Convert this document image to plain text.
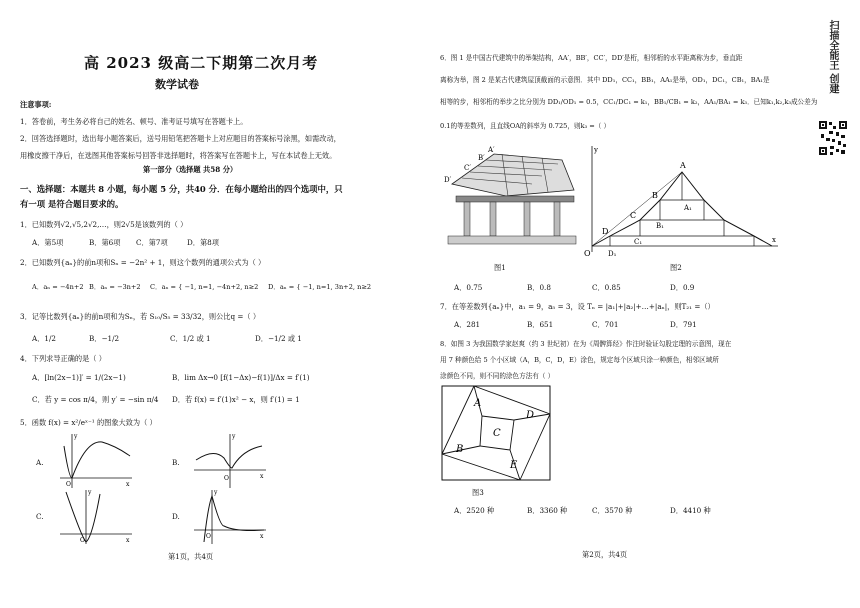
高 2023 级高二下期第二次月考
数学试卷
注意事项:
1．答卷前，考生务必将自己的姓名、顿号、准考证号填写在答题卡上。
2．回答选择题时，选出每小题答案后，送号用铅笔把答题卡上对应题目的答案标号涂黑，如需改动，
用橡皮擦干净后，在选图其他答案标号回答非选择题时，将答案写在答题卡上，写在本试卷上无效。
第一部分（选择题 共58 分）
一、选择题：本题共 8 小题，每小题 5 分，共40 分．在每小题给出的四个选项中，只
有一项 是符合题目要求的。
1．已知数列√2,√5,2√2,…，则2√5是该数列的（ ）
A．第5项	B．第6项 C．第7项	D．第8项
2．已知数列{aₙ}的前n项和Sₙ = −2n² + 1，则这个数列的通项公式为（ ）
A．aₙ = −4n+2 B．aₙ = −3n+2 C．aₙ = { −1, n=1, −4n+2, n≥2 D．aₙ = { −1, n=1, 3n+2, n≥2
3．记等比数列{aₙ}的前n项和为Sₙ，若 S₁₀/S₅ = 33/32，则公比q =（ ）
A．1/2	B．−1/2	C．1/2 或 1	D．−1/2 或 1
4．下列求导正确的是（ ）
A．[ln(2x−1)]′ = 1/(2x−1)	B．lim Δx→0 [f(1−Δx)−f(1)]/Δx = f′(1)
C．若 y = cos π/4，则 y′ = −sin π/4 D．若 f(x) = f′(1)x² − x，则 f′(1) = 1
5．函数 f(x) = x²/eˣ⁻¹ 的图象大致为（ ）
A.
O
y
x
B.
O
y
x
C.
O
y
x
D.
O
y
x
第1页，共4页
6．图 1 是中国古代建筑中的举架结构，AA′，BB′，CC′，DD′是桁，相邻桁的水平距离称为步，垂直距
离称为举，图 2 是某古代建筑屋顶截面的示意图．其中 DD₁，CC₁，BB₁，AA₁是举，OD₁，DC₁，CB₁，BA₁是
相等的步，相邻桁的举步之比分别为 DD₁/OD₁ = 0.5，CC₁/DC₁ = k₁，BB₁/CB₁ = k₂，AA₁/BA₁ = k₃．已知k₁,k₂,k₃成公差为
0.1的等差数列，且直线OA的斜率为 0.725，则k₃ =（ ）
A′
B′
C′
D′
图1
A
A₁
B
B₁
C
C₁
D
D₁
O
y
x
图2
A．0.75	B．0.8	C．0.85	D．0.9
7．在等差数列{aₙ}中，a₁ = 9，a₅ = 3，设 Tₙ = |a₁|+|a₂|+…+|aₙ|，则T₂₁ =（）
A．281	B．651	C．701	D．791
8．如图 3 为我国数学家赵爽（约 3 世纪初）在为《周髀算经》作注时验证勾股定理的示意图，现在
用 7 种颜色给 5 个小区域（A，B，C，D，E）涂色，规定每个区域只涂一种颜色，相邻区域所
涂颜色不同，则不同的涂色方法有（ ）
A
B
C
D
E
图3
A．2520 种	B．3360 种	C．3570 种	D．4410 种
第2页，共4页
扫描全能王 创建
